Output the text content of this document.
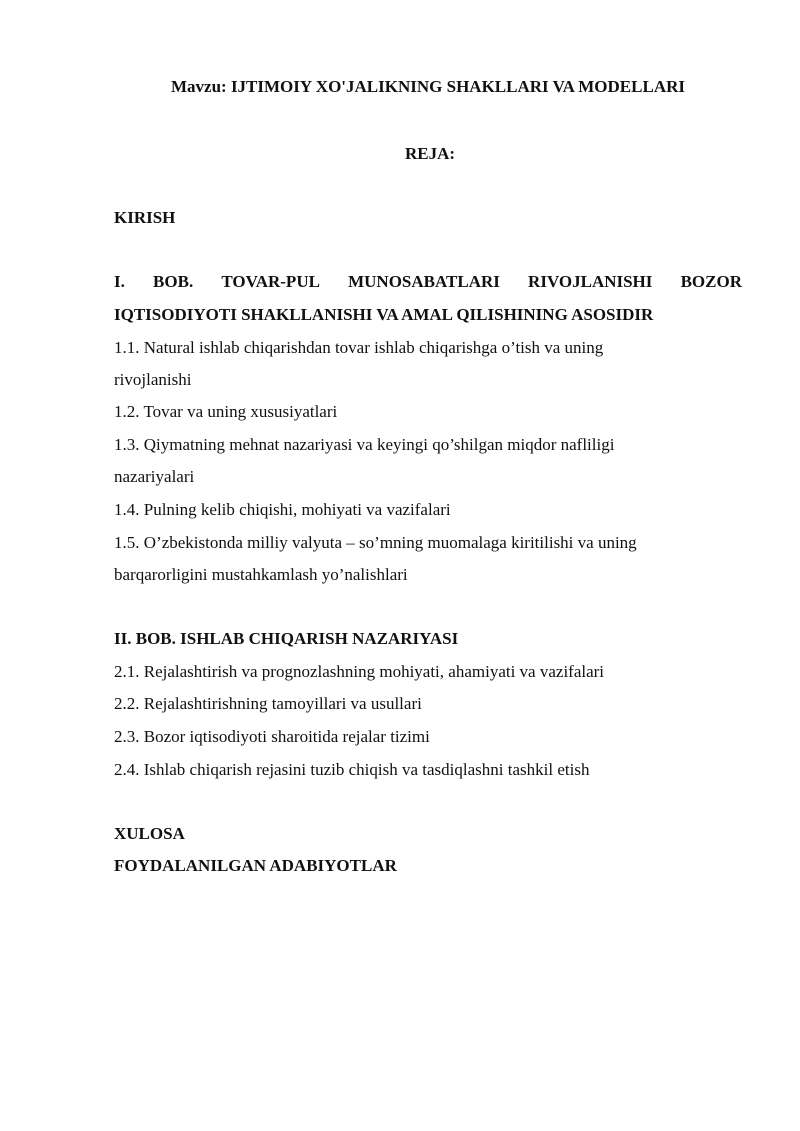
Mavzu: IJTIMOIY XO'JALIKNING SHAKLLARI VA MODELLARI
REJA:
KIRISH
I. BOB. TOVAR-PUL MUNOSABATLARI RIVOJLANISHI BOZOR
IQTISODIYOTI SHAKLLANISHI VA AMAL QILISHINING ASOSIDIR
1.1. Natural ishlab chiqarishdan tovar ishlab chiqarishga o’tish va uning
rivojlanishi
1.2. Tovar va uning xususiyatlari
1.3. Qiymatning mehnat nazariyasi va keyingi qo’shilgan miqdor nafliligi
nazariyalari
1.4. Pulning kelib chiqishi, mohiyati va vazifalari
1.5. O’zbekistonda milliy valyuta – so’mning muomalaga kiritilishi va uning
barqarorligini mustahkamlash yo’nalishlari
II. BOB. ISHLAB CHIQARISH NAZARIYASI
2.1. Rejalashtirish va prognozlashning mohiyati, ahamiyati va vazifalari
2.2. Rejalashtirishning tamoyillari va usullari
2.3. Bozor iqtisodiyoti sharoitida rejalar tizimi
2.4. Ishlab chiqarish rejasini tuzib chiqish va tasdiqlashni tashkil etish
XULOSA
FOYDALANILGAN ADABIYOTLAR
